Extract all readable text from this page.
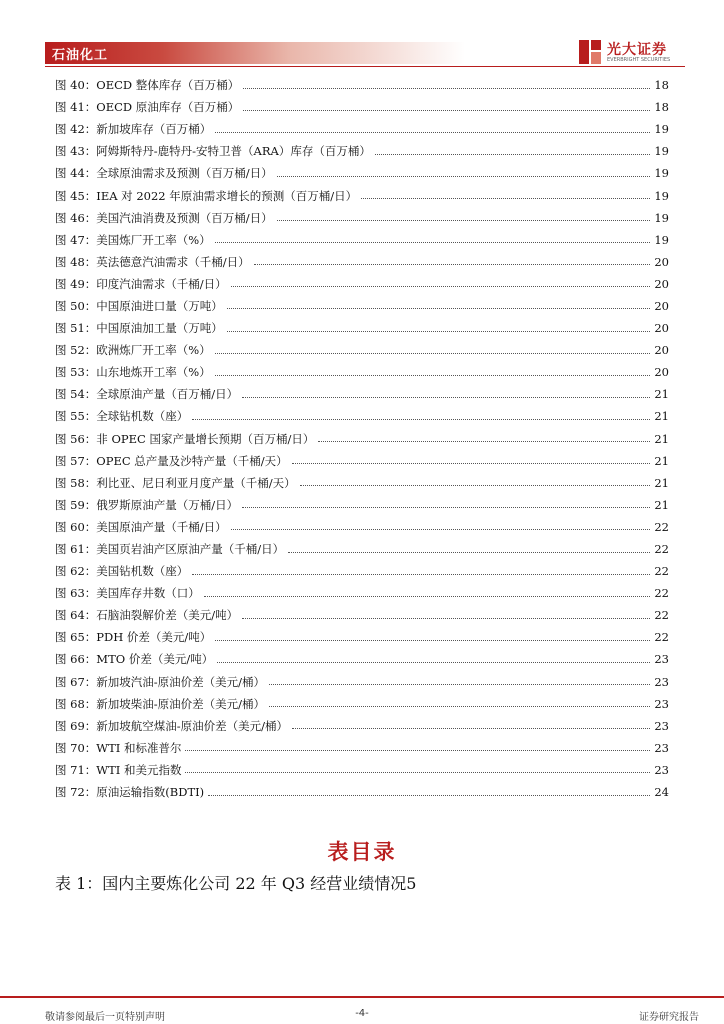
石油化工	光大证券
EVERBRIGHT SECURITIES
图 40：OECD 整体库存（百万桶）	18
图 41：OECD 原油库存（百万桶）	18
图 42：新加坡库存（百万桶）	19
图 43：阿姆斯特丹-鹿特丹-安特卫普（ARA）库存（百万桶）	19
图 44：全球原油需求及预测（百万桶/日）	19
图 45：IEA 对 2022 年原油需求增长的预测（百万桶/日）	19
图 46：美国汽油消费及预测（百万桶/日）	19
图 47：美国炼厂开工率（%）	19
图 48：英法德意汽油需求（千桶/日）	20
图 49：印度汽油需求（千桶/日）	20
图 50：中国原油进口量（万吨）	20
图 51：中国原油加工量（万吨）	20
图 52：欧洲炼厂开工率（%）	20
图 53：山东地炼开工率（%）	20
图 54：全球原油产量（百万桶/日）	21
图 55：全球钻机数（座）	21
图 56：非 OPEC 国家产量增长预期（百万桶/日）	21
图 57：OPEC 总产量及沙特产量（千桶/天）	21
图 58：利比亚、尼日利亚月度产量（千桶/天）	21
图 59：俄罗斯原油产量（万桶/日）	21
图 60：美国原油产量（千桶/日）	22
图 61：美国页岩油产区原油产量（千桶/日）	22
图 62：美国钻机数（座）	22
图 63：美国库存井数（口）	22
图 64：石脑油裂解价差（美元/吨）	22
图 65：PDH 价差（美元/吨）	22
图 66：MTO 价差（美元/吨）	23
图 67：新加坡汽油-原油价差（美元/桶）	23
图 68：新加坡柴油-原油价差（美元/桶）	23
图 69：新加坡航空煤油-原油价差（美元/桶）	23
图 70：WTI 和标准普尔	23
图 71：WTI 和美元指数	23
图 72：原油运输指数(BDTI)	24
表目录
表 1：国内主要炼化公司 22 年 Q3 经营业绩情况5
敬请参阅最后一页特别声明	-4-	证券研究报告
